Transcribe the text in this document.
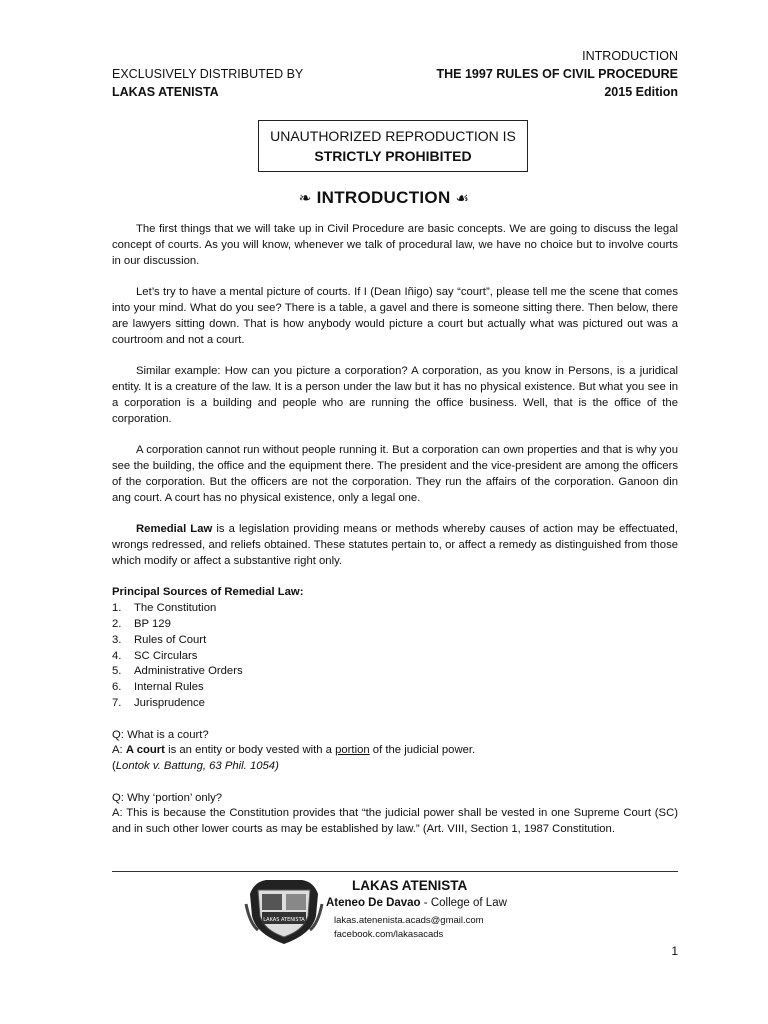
EXCLUSIVELY DISTRIBUTED BY
LAKAS ATENISTA
INTRODUCTION
THE 1997 RULES OF CIVIL PROCEDURE
2015 Edition
UNAUTHORIZED REPRODUCTION IS
STRICTLY PROHIBITED
❧ INTRODUCTION ☙

The first things that we will take up in Civil Procedure are basic concepts. We are going to discuss the legal concept of courts. As you will know, whenever we talk of procedural law, we have no choice but to involve courts in our discussion.

Let’s try to have a mental picture of courts. If I (Dean Iñigo) say “court”, please tell me the scene that comes into your mind. What do you see? There is a table, a gavel and there is someone sitting there. Then below, there are lawyers sitting down. That is how anybody would picture a court but actually what was pictured out was a courtroom and not a court.

Similar example: How can you picture a corporation? A corporation, as you know in Persons, is a juridical entity. It is a creature of the law. It is a person under the law but it has no physical existence. But what you see in a corporation is a building and people who are running the office business. Well, that is the office of the corporation.

A corporation cannot run without people running it. But a corporation can own properties and that is why you see the building, the office and the equipment there. The president and the vice-president are among the officers of the corporation. But the officers are not the corporation. They run the affairs of the corporation. Ganoon din ang court. A court has no physical existence, only a legal one.

Remedial Law is a legislation providing means or methods whereby causes of action may be effectuated, wrongs redressed, and reliefs obtained. These statutes pertain to, or affect a remedy as distinguished from those which modify or affect a substantive right only.

Principal Sources of Remedial Law:
1.	The Constitution
2.	BP 129
3.	Rules of Court
4.	SC Circulars
5.	Administrative Orders
6.	Internal Rules
7.	Jurisprudence
Q: What is a court?
A: A court is an entity or body vested with a portion of the judicial power.
(Lontok v. Battung, 63 Phil. 1054)
Q: Why ‘portion’ only?
A: This is because the Constitution provides that “the judicial power shall be vested in one Supreme Court (SC) and in such other lower courts as may be established by law.” (Art. VIII, Section 1, 1987 Constitution.
LAKAS ATENISTA
LAKAS ATENISTA
Ateneo De Davao - College of Law
lakas.atenenista.acads@gmail.com
facebook.com/lakasacads
1
